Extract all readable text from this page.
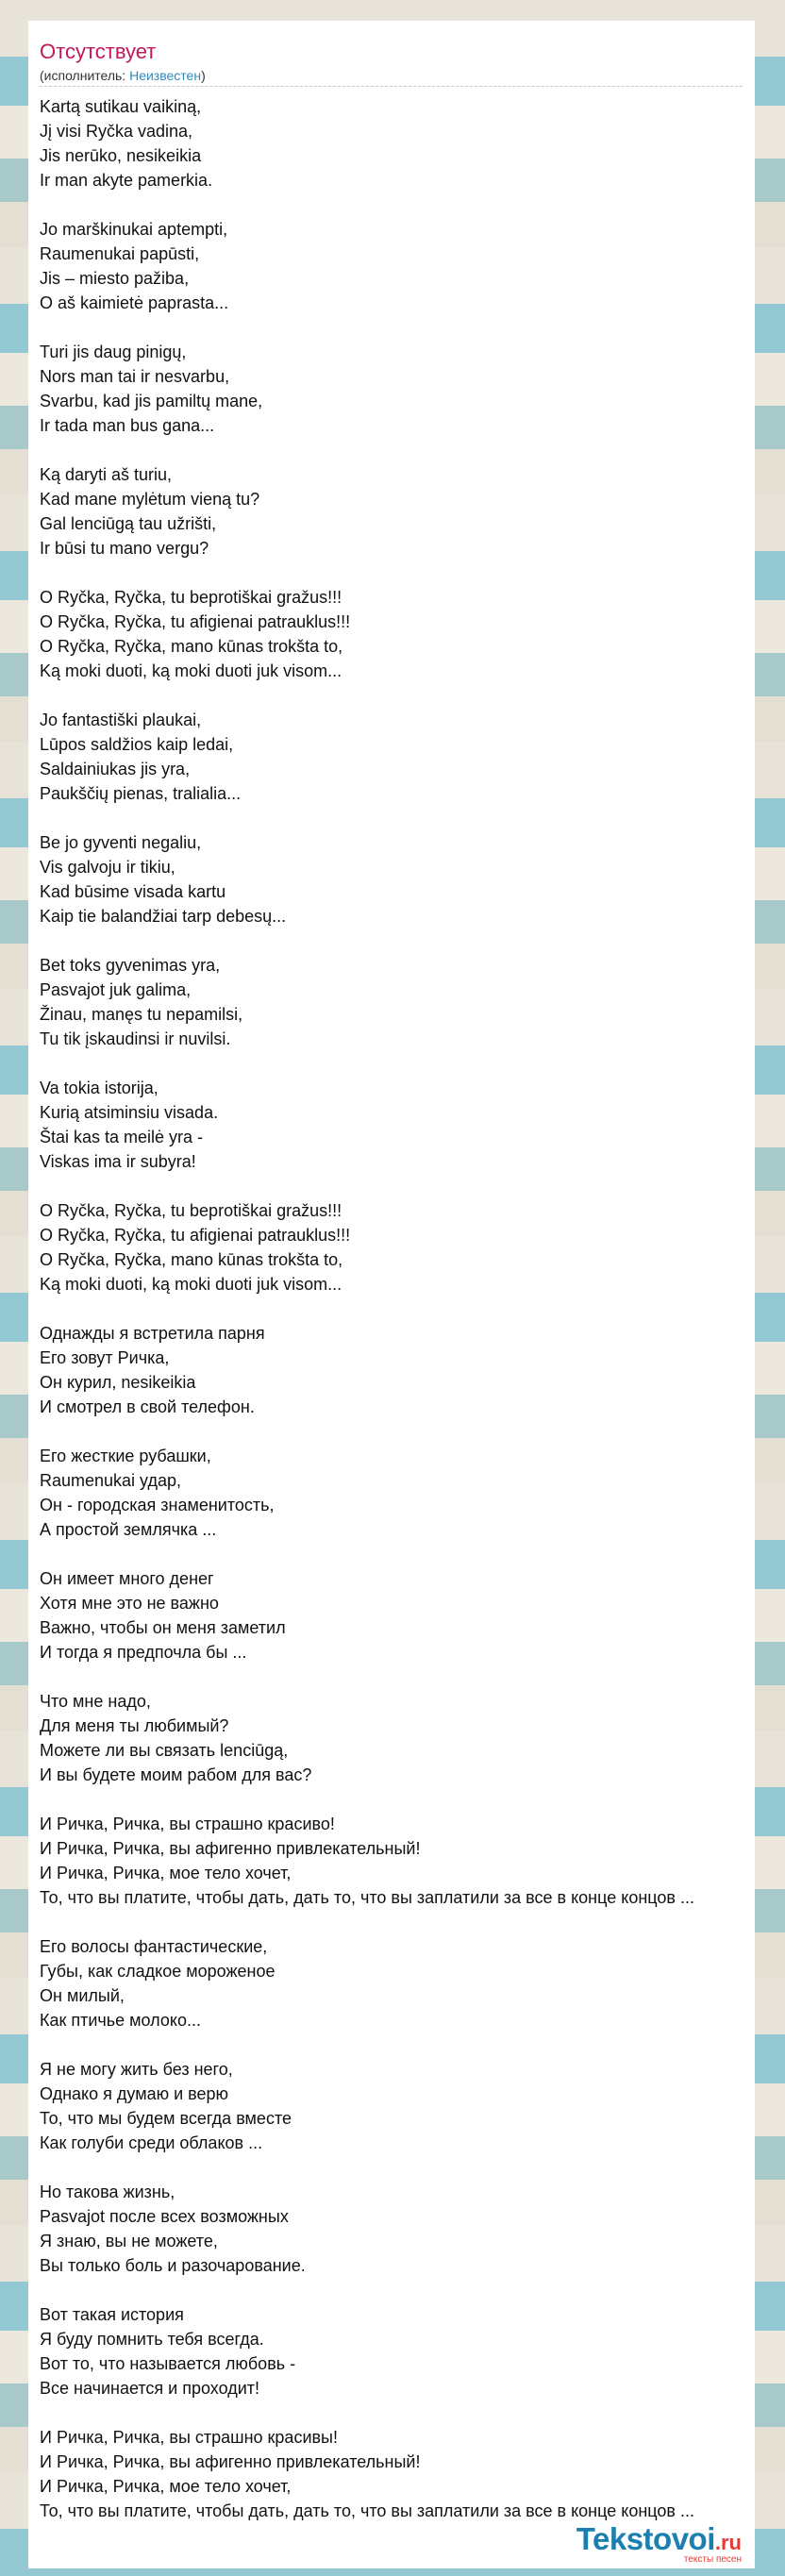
Отсутствует
(исполнитель: Неизвестен)
Kartą sutikau vaikiną,
Jį visi Ryčka vadina,
Jis nerūko, nesikeikia
Ir man akyte pamerkia.

Jo marškinukai aptempti,
Raumenukai papūsti,
Jis – miesto pažiba,
O aš kaimietė paprasta...

Turi jis daug pinigų,
Nors man tai ir nesvarbu,
Svarbu, kad jis pamiltų mane,
Ir tada man bus gana...

Ką daryti aš turiu,
Kad mane mylėtum vieną tu?
Gal lenciūgą tau užrišti,
Ir būsi tu mano vergu?

O Ryčka, Ryčka, tu beprotiškai gražus!!!
O Ryčka, Ryčka, tu afigienai patrauklus!!!
O Ryčka, Ryčka, mano kūnas trokšta to,
Ką moki duoti, ką moki duoti juk visom...

Jo fantastiški plaukai,
Lūpos saldžios kaip ledai,
Saldainiukas jis yra,
Paukščių pienas, tralialia...

Be jo gyventi negaliu,
Vis galvoju ir tikiu,
Kad būsime visada kartu
Kaip tie balandžiai tarp debesų...

Bet toks gyvenimas yra,
Pasvajot juk galima,
Žinau, manęs tu nepamilsi,
Tu tik įskaudinsi ir nuvilsi.

Va tokia istorija,
Kurią atsiminsiu visada.
Štai kas ta meilė yra -
Viskas ima ir subyra!

O Ryčka, Ryčka, tu beprotiškai gražus!!!
O Ryčka, Ryčka, tu afigienai patrauklus!!!
O Ryčka, Ryčka, mano kūnas trokšta to,
Ką moki duoti, ką moki duoti juk visom...

Однажды я встретила парня
Его зовут Ричка,
Он курил, nesikeikia
И смотрел в свой телефон.

Его жесткие рубашки,
Raumenukai удар,
Он - городская знаменитость,
А простой землячка ...

Он имеет много денег
Хотя мне это не важно
Важно, чтобы он меня заметил
И тогда я предпочла бы ...

Что мне надо,
Для меня ты любимый?
Можете ли вы связать lenciūgą,
И вы будете моим рабом для вас?

И Ричка, Ричка, вы страшно красиво!
И Ричка, Ричка, вы афигенно привлекательный!
И Ричка, Ричка, мое тело хочет,
То, что вы платите, чтобы дать, дать то, что вы заплатили за все в конце концов ...

Его волосы фантастические,
Губы, как сладкое мороженое
Он милый,
Как птичье молоко...

Я не могу жить без него,
Однако я думаю и верю
То, что мы будем всегда вместе
Как голуби среди облаков ...

Но такова жизнь,
Pasvajot после всех возможных
Я знаю, вы не можете,
Вы только боль и разочарование.

Вот такая история
Я буду помнить тебя всегда.
Вот то, что называется любовь -
Все начинается и проходит!

И Ричка, Ричка, вы страшно красивы!
И Ричка, Ричка, вы афигенно привлекательный!
И Ричка, Ричка, мое тело хочет,
То, что вы платите, чтобы дать, дать то, что вы заплатили за все в конце концов ...
Tekstovoi.ru
тексты песен
